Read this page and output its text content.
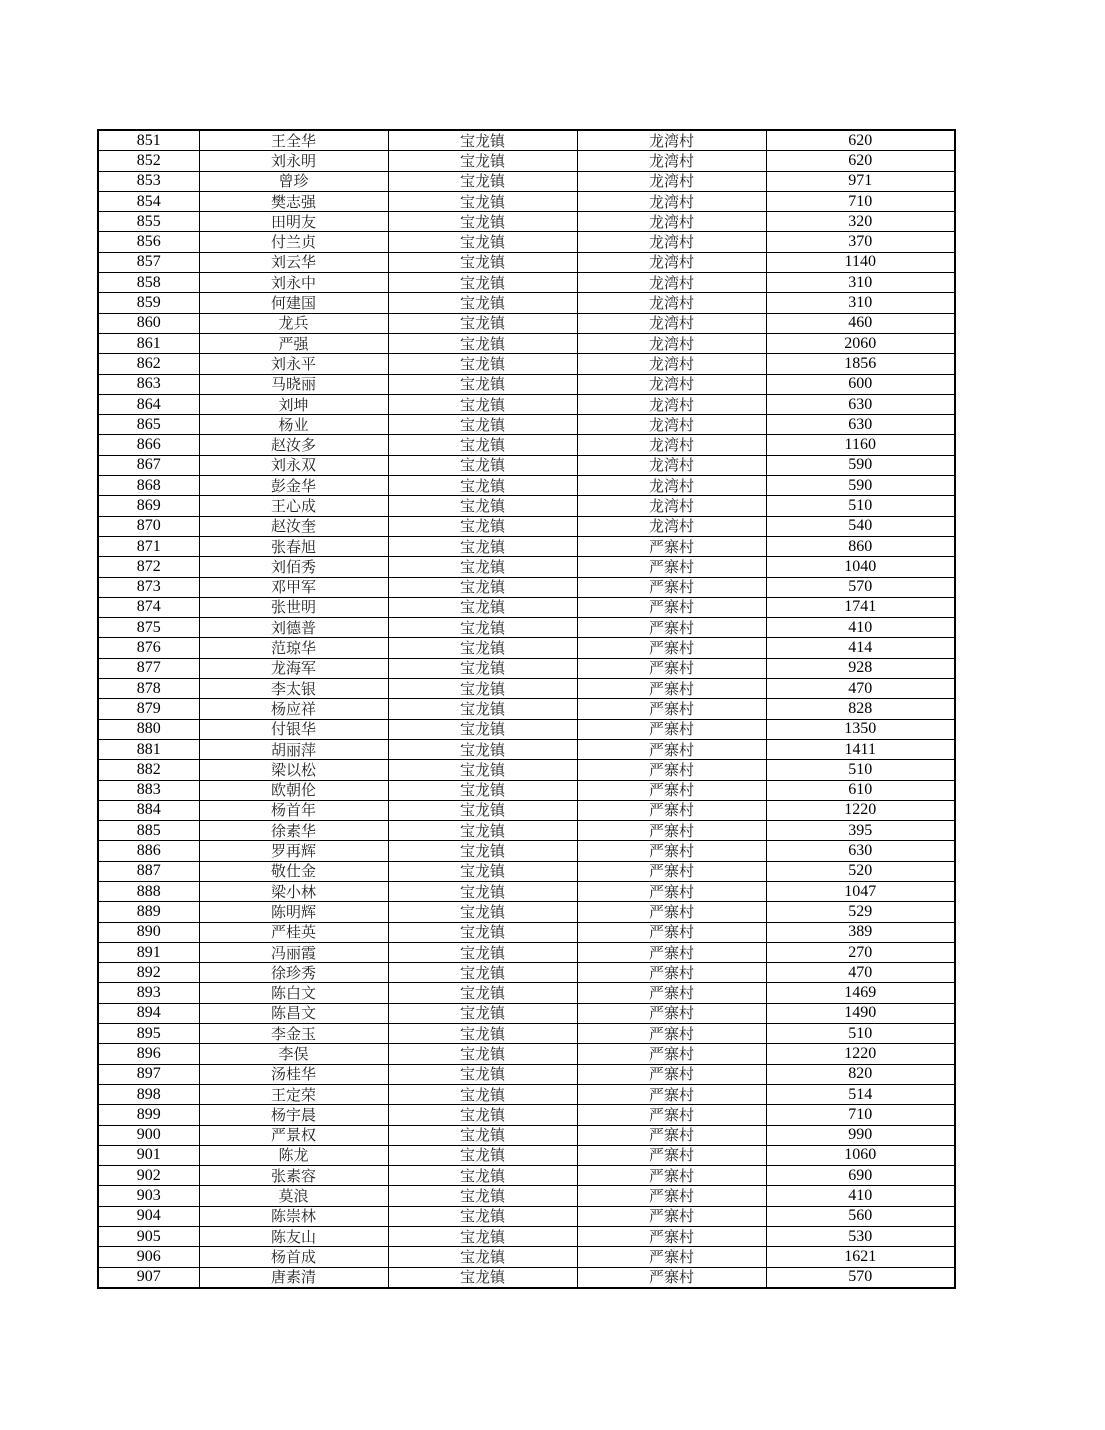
851	王全华	宝龙镇	龙湾村	620
852	刘永明	宝龙镇	龙湾村	620
853	曾珍	宝龙镇	龙湾村	971
854	樊志强	宝龙镇	龙湾村	710
855	田明友	宝龙镇	龙湾村	320
856	付兰贞	宝龙镇	龙湾村	370
857	刘云华	宝龙镇	龙湾村	1140
858	刘永中	宝龙镇	龙湾村	310
859	何建国	宝龙镇	龙湾村	310
860	龙兵	宝龙镇	龙湾村	460
861	严强	宝龙镇	龙湾村	2060
862	刘永平	宝龙镇	龙湾村	1856
863	马晓丽	宝龙镇	龙湾村	600
864	刘坤	宝龙镇	龙湾村	630
865	杨业	宝龙镇	龙湾村	630
866	赵汝多	宝龙镇	龙湾村	1160
867	刘永双	宝龙镇	龙湾村	590
868	彭金华	宝龙镇	龙湾村	590
869	王心成	宝龙镇	龙湾村	510
870	赵汝奎	宝龙镇	龙湾村	540
871	张春旭	宝龙镇	严寨村	860
872	刘佰秀	宝龙镇	严寨村	1040
873	邓甲军	宝龙镇	严寨村	570
874	张世明	宝龙镇	严寨村	1741
875	刘德普	宝龙镇	严寨村	410
876	范琼华	宝龙镇	严寨村	414
877	龙海军	宝龙镇	严寨村	928
878	李太银	宝龙镇	严寨村	470
879	杨应祥	宝龙镇	严寨村	828
880	付银华	宝龙镇	严寨村	1350
881	胡丽萍	宝龙镇	严寨村	1411
882	梁以松	宝龙镇	严寨村	510
883	欧朝伦	宝龙镇	严寨村	610
884	杨首年	宝龙镇	严寨村	1220
885	徐素华	宝龙镇	严寨村	395
886	罗再辉	宝龙镇	严寨村	630
887	敬仕金	宝龙镇	严寨村	520
888	梁小林	宝龙镇	严寨村	1047
889	陈明辉	宝龙镇	严寨村	529
890	严桂英	宝龙镇	严寨村	389
891	冯丽霞	宝龙镇	严寨村	270
892	徐珍秀	宝龙镇	严寨村	470
893	陈白文	宝龙镇	严寨村	1469
894	陈昌文	宝龙镇	严寨村	1490
895	李金玉	宝龙镇	严寨村	510
896	李俣	宝龙镇	严寨村	1220
897	汤桂华	宝龙镇	严寨村	820
898	王定荣	宝龙镇	严寨村	514
899	杨宇晨	宝龙镇	严寨村	710
900	严景权	宝龙镇	严寨村	990
901	陈龙	宝龙镇	严寨村	1060
902	张素容	宝龙镇	严寨村	690
903	莫浪	宝龙镇	严寨村	410
904	陈崇林	宝龙镇	严寨村	560
905	陈友山	宝龙镇	严寨村	530
906	杨首成	宝龙镇	严寨村	1621
907	唐素清	宝龙镇	严寨村	570
